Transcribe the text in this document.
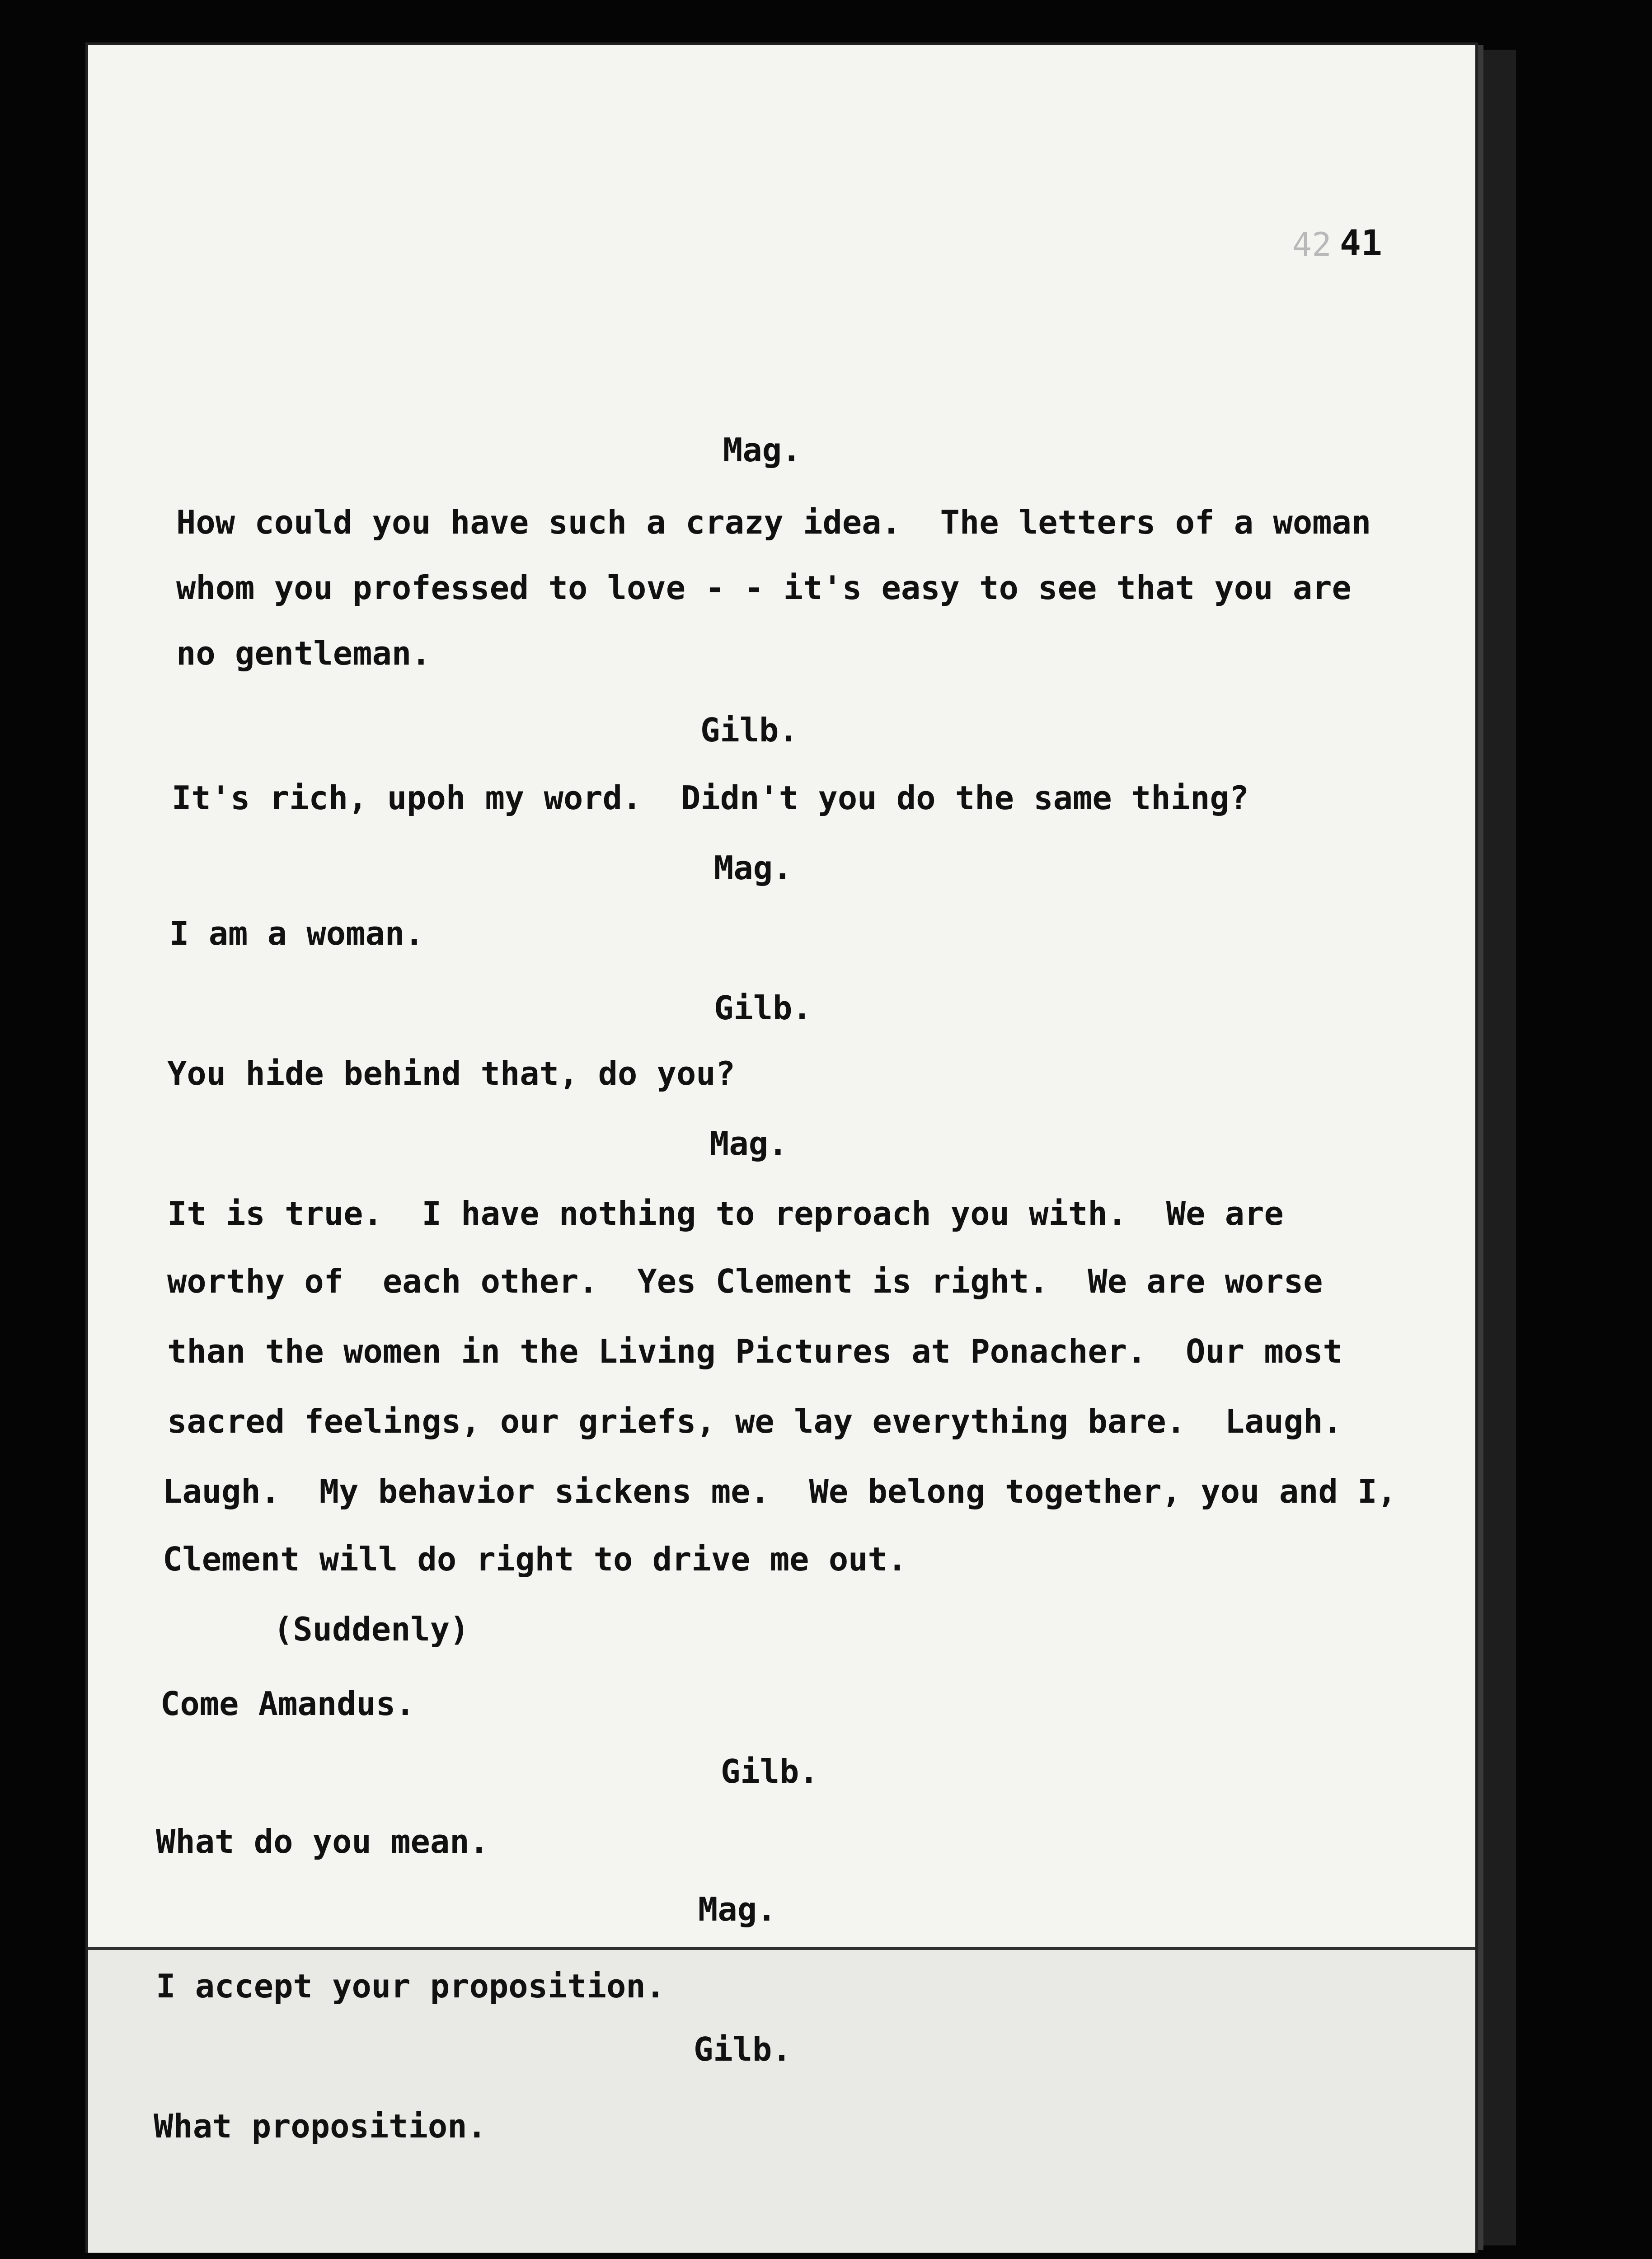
42 41
Mag.
How could you have such a crazy idea.  The letters of a woman
whom you professed to love - - it's easy to see that you are
no gentleman.
Gilb.
It's rich, upoh my word.  Didn't you do the same thing?
Mag.
I am a woman.
Gilb.
You hide behind that, do you?
Mag.
It is true.  I have nothing to reproach you with.  We are
worthy of  each other.  Yes Clement is right.  We are worse
than the women in the Living Pictures at Ponacher.  Our most
sacred feelings, our griefs, we lay everything bare.  Laugh.
Laugh.  My behavior sickens me.  We belong together, you and I,
Clement will do right to drive me out.
(Suddenly)
Come Amandus.
Gilb.
What do you mean.
Mag.
I accept your proposition.
Gilb.
What proposition.
